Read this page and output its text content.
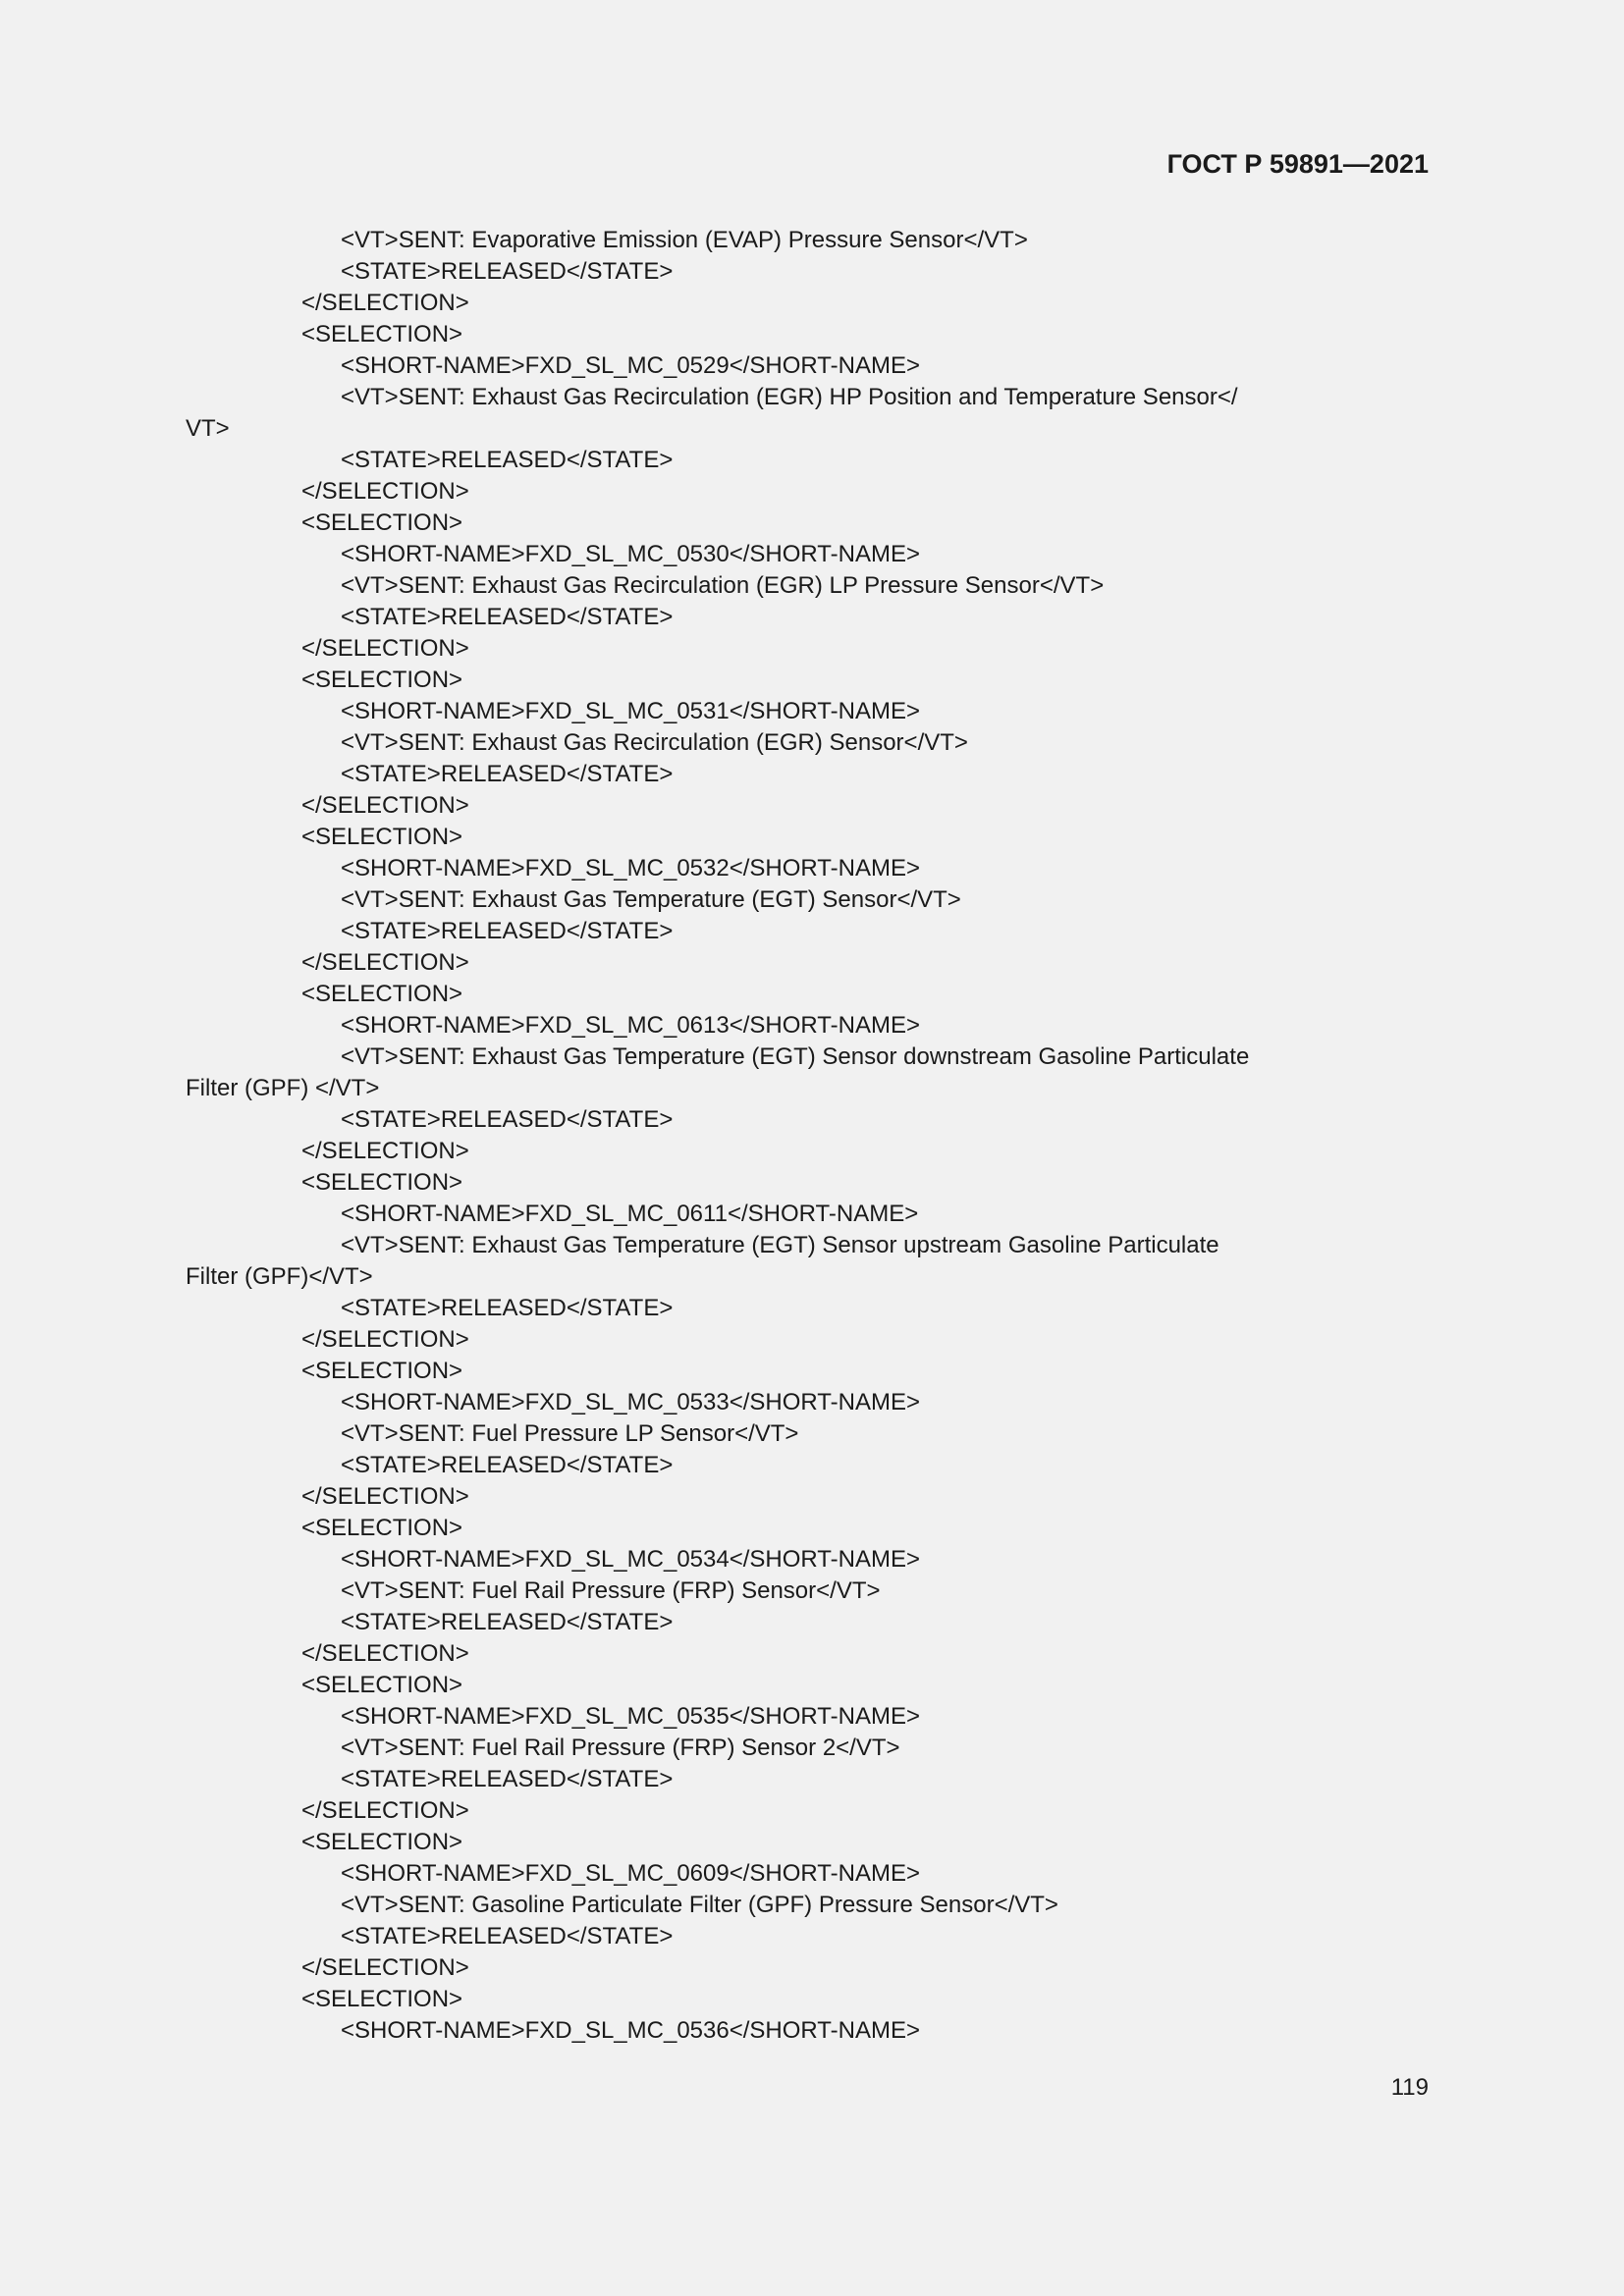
ГОСТ Р 59891—2021
<VT>SENT: Evaporative Emission (EVAP) Pressure Sensor</VT>
<STATE>RELEASED</STATE>
</SELECTION>
<SELECTION>
<SHORT-NAME>FXD_SL_MC_0529</SHORT-NAME>
<VT>SENT: Exhaust Gas Recirculation (EGR) HP Position and Temperature Sensor</
VT>
<STATE>RELEASED</STATE>
</SELECTION>
<SELECTION>
<SHORT-NAME>FXD_SL_MC_0530</SHORT-NAME>
<VT>SENT: Exhaust Gas Recirculation (EGR) LP Pressure Sensor</VT>
<STATE>RELEASED</STATE>
</SELECTION>
<SELECTION>
<SHORT-NAME>FXD_SL_MC_0531</SHORT-NAME>
<VT>SENT: Exhaust Gas Recirculation (EGR) Sensor</VT>
<STATE>RELEASED</STATE>
</SELECTION>
<SELECTION>
<SHORT-NAME>FXD_SL_MC_0532</SHORT-NAME>
<VT>SENT: Exhaust Gas Temperature (EGT) Sensor</VT>
<STATE>RELEASED</STATE>
</SELECTION>
<SELECTION>
<SHORT-NAME>FXD_SL_MC_0613</SHORT-NAME>
<VT>SENT: Exhaust Gas Temperature (EGT) Sensor downstream Gasoline Particulate
Filter (GPF) </VT>
<STATE>RELEASED</STATE>
</SELECTION>
<SELECTION>
<SHORT-NAME>FXD_SL_MC_0611</SHORT-NAME>
<VT>SENT: Exhaust Gas Temperature (EGT) Sensor upstream Gasoline Particulate
Filter (GPF)</VT>
<STATE>RELEASED</STATE>
</SELECTION>
<SELECTION>
<SHORT-NAME>FXD_SL_MC_0533</SHORT-NAME>
<VT>SENT: Fuel Pressure LP Sensor</VT>
<STATE>RELEASED</STATE>
</SELECTION>
<SELECTION>
<SHORT-NAME>FXD_SL_MC_0534</SHORT-NAME>
<VT>SENT: Fuel Rail Pressure (FRP) Sensor</VT>
<STATE>RELEASED</STATE>
</SELECTION>
<SELECTION>
<SHORT-NAME>FXD_SL_MC_0535</SHORT-NAME>
<VT>SENT: Fuel Rail Pressure (FRP) Sensor 2</VT>
<STATE>RELEASED</STATE>
</SELECTION>
<SELECTION>
<SHORT-NAME>FXD_SL_MC_0609</SHORT-NAME>
<VT>SENT: Gasoline Particulate Filter (GPF) Pressure Sensor</VT>
<STATE>RELEASED</STATE>
</SELECTION>
<SELECTION>
<SHORT-NAME>FXD_SL_MC_0536</SHORT-NAME>
119
